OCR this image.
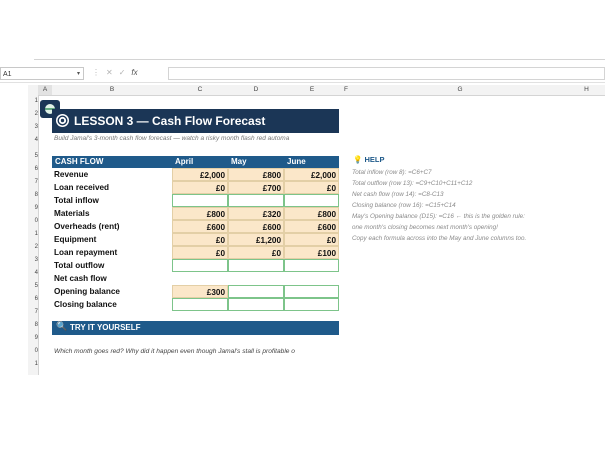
A1	▾ ⋮✕✓fx
A	B	C	D	E	F	G	H
1
2
3
4
5
6
7
8
9
0
1
2
3
4
5
6
7
8
9
0
1
LESSON 3 — Cash Flow Forecast
Build Jamal's 3-month cash flow forecast — watch a risky month flash red automa
CASH FLOW	April	May	June
Revenue	£2,000	£800	£2,000
Loan received	£0	£700	£0
Total inflow
Materials	£800	£320	£800
Overheads (rent)	£600	£600	£600
Equipment	£0	£1,200	£0
Loan repayment	£0	£0	£100
Total outflow
Net cash flow
Opening balance	£300
Closing balance
💡 HELP
Total inflow (row 8): =C6+C7
Total outflow (row 13): =C9+C10+C11+C12
Net cash flow (row 14): =C8-C13
Closing balance (row 16): =C15+C14
May's Opening balance (D15): =C16 ← this is the golden rule:
one month's closing becomes next month's opening!
Copy each formula across into the May and June columns too.
🔍 TRY IT YOURSELF
Which month goes red? Why did it happen even though Jamal's stall is profitable o
